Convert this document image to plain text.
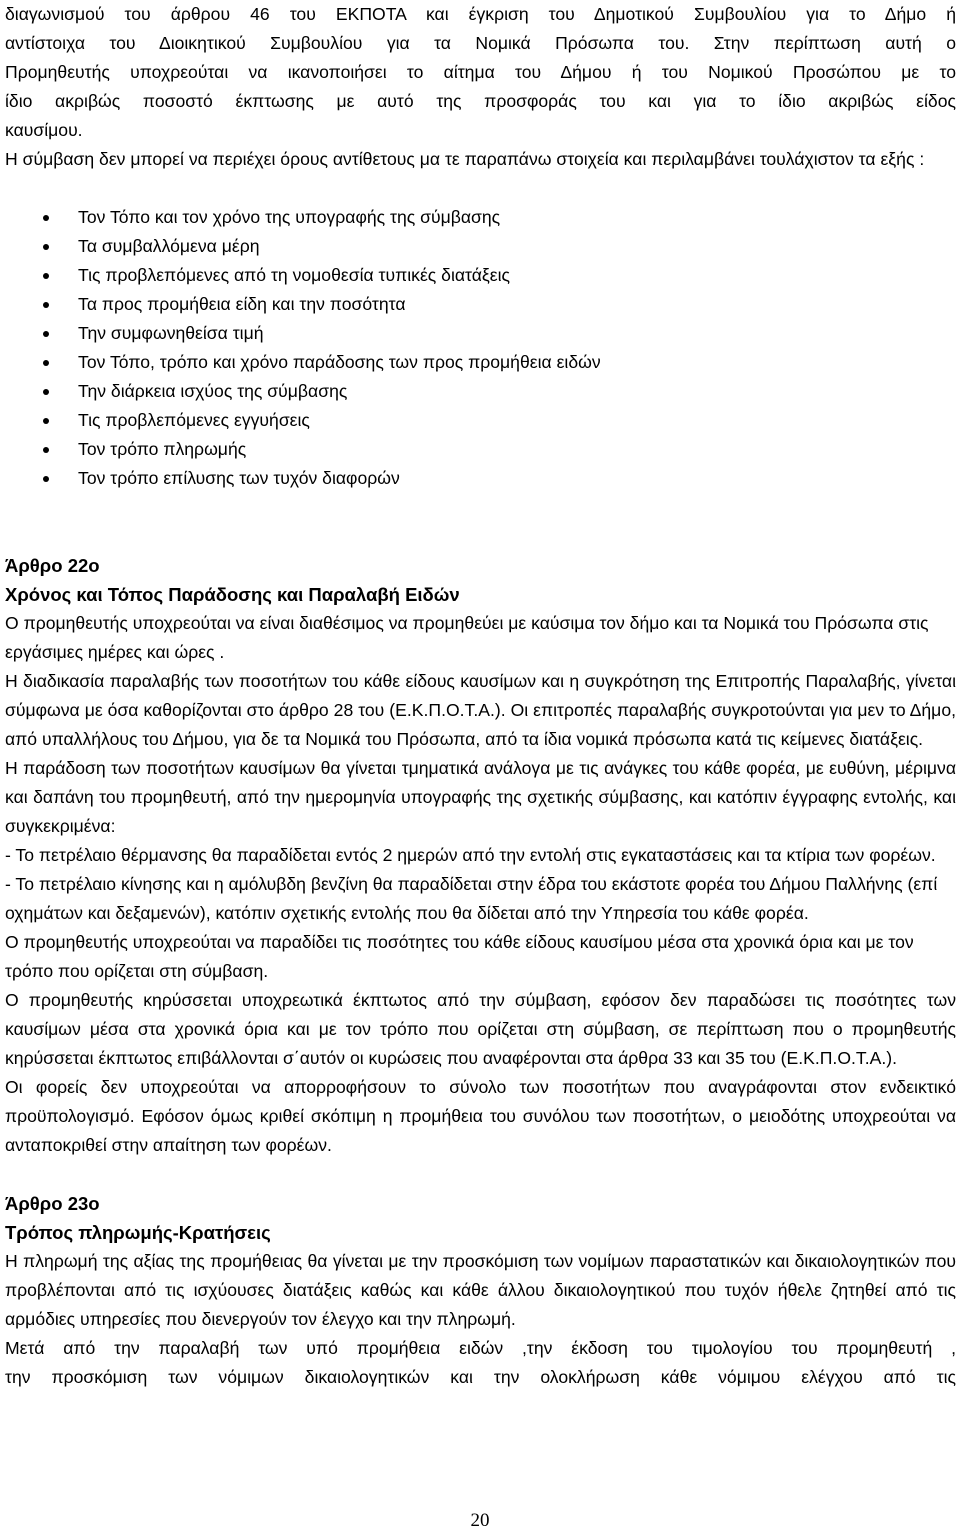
διαγωνισμού του άρθρου 46 του ΕΚΠΟΤΑ και έγκριση του Δημοτικού Συμβουλίου για το Δήμο ή
αντίστοιχα του Διοικητικού Συμβουλίου για τα Νομικά Πρόσωπα του. Στην περίπτωση αυτή ο
Προμηθευτής υποχρεούται να ικανοποιήσει το αίτημα του Δήμου ή του Νομικού Προσώπου με το
ίδιο ακριβώς ποσοστό έκπτωσης με αυτό της προσφοράς του και για το ίδιο ακριβώς είδος
καυσίμου.
Η σύμβαση δεν μπορεί να περιέχει όρους αντίθετους μα τε παραπάνω στοιχεία και περιλαμβάνει τουλάχιστον τα εξής :
Τον Τόπο και τον χρόνο της υπογραφής της σύμβασης
Τα συμβαλλόμενα μέρη
Τις προβλεπόμενες από τη νομοθεσία τυπικές διατάξεις
Τα προς προμήθεια είδη και την ποσότητα
Την συμφωνηθείσα τιμή
Τον Τόπο, τρόπο και χρόνο παράδοσης των προς προμήθεια ειδών
Την διάρκεια ισχύος της σύμβασης
Τις προβλεπόμενες εγγυήσεις
Τον τρόπο πληρωμής
Τον τρόπο επίλυσης των τυχόν διαφορών
Άρθρο 22ο
Χρόνος και Τόπος Παράδοσης και Παραλαβή Ειδών
Ο προμηθευτής υποχρεούται να είναι διαθέσιμος να προμηθεύει με καύσιμα τον δήμο και τα Νομικά του Πρόσωπα στις εργάσιμες ημέρες και ώρες .
Η διαδικασία παραλαβής των ποσοτήτων του κάθε είδους καυσίμων και η συγκρότηση της Επιτροπής Παραλαβής, γίνεται σύμφωνα με όσα καθορίζονται στο άρθρο 28 του (Ε.Κ.Π.Ο.Τ.Α.). Οι επιτροπές παραλαβής συγκροτούνται για μεν το Δήμο, από υπαλλήλους του Δήμου, για δε τα Νομικά του Πρόσωπα, από τα ίδια νομικά πρόσωπα κατά τις κείμενες διατάξεις.
Η παράδοση των ποσοτήτων καυσίμων θα γίνεται τμηματικά ανάλογα με τις ανάγκες του κάθε φορέα, με ευθύνη, μέριμνα και δαπάνη του προμηθευτή, από την ημερομηνία υπογραφής της σχετικής σύμβασης, και κατόπιν έγγραφης εντολής, και συγκεκριμένα:
- Το πετρέλαιο θέρμανσης θα παραδίδεται εντός 2 ημερών από την εντολή στις εγκαταστάσεις και τα κτίρια των φορέων.
- Το πετρέλαιο κίνησης και η αμόλυβδη βενζίνη θα παραδίδεται στην έδρα του εκάστοτε φορέα του Δήμου Παλλήνης (επί οχημάτων και δεξαμενών), κατόπιν σχετικής εντολής που θα δίδεται από την Υπηρεσία του κάθε φορέα.
Ο προμηθευτής υποχρεούται να παραδίδει τις ποσότητες του κάθε είδους καυσίμου μέσα στα χρονικά όρια και με τον τρόπο που ορίζεται στη σύμβαση.
Ο προμηθευτής κηρύσσεται υποχρεωτικά έκπτωτος από την σύμβαση, εφόσον δεν παραδώσει τις ποσότητες των καυσίμων μέσα στα χρονικά όρια και με τον τρόπο που ορίζεται στη σύμβαση, σε περίπτωση που ο προμηθευτής κηρύσσεται έκπτωτος επιβάλλονται σ΄αυτόν οι κυρώσεις που αναφέρονται στα άρθρα 33 και 35 του (Ε.Κ.Π.Ο.Τ.Α.).
Οι φορείς δεν υποχρεούται να απορροφήσουν το σύνολο των ποσοτήτων που αναγράφονται στον ενδεικτικό προϋπολογισμό. Εφόσον όμως κριθεί σκόπιμη η προμήθεια του συνόλου των ποσοτήτων, ο μειοδότης υποχρεούται να ανταποκριθεί στην απαίτηση των φορέων.
Άρθρο 23ο
Τρόπος πληρωμής-Κρατήσεις
Η πληρωμή της αξίας της προμήθειας θα γίνεται με την προσκόμιση των νομίμων παραστατικών και δικαιολογητικών που προβλέπονται από τις ισχύουσες διατάξεις καθώς και κάθε άλλου δικαιολογητικού που τυχόν ήθελε ζητηθεί από τις αρμόδιες υπηρεσίες που διενεργούν τον έλεγχο και την πληρωμή.
Μετά από την παραλαβή των υπό προμήθεια ειδών ,την έκδοση του τιμολογίου του προμηθευτή ,
την προσκόμιση των νόμιμων δικαιολογητικών και την ολοκλήρωση κάθε νόμιμου ελέγχου από τις
20
